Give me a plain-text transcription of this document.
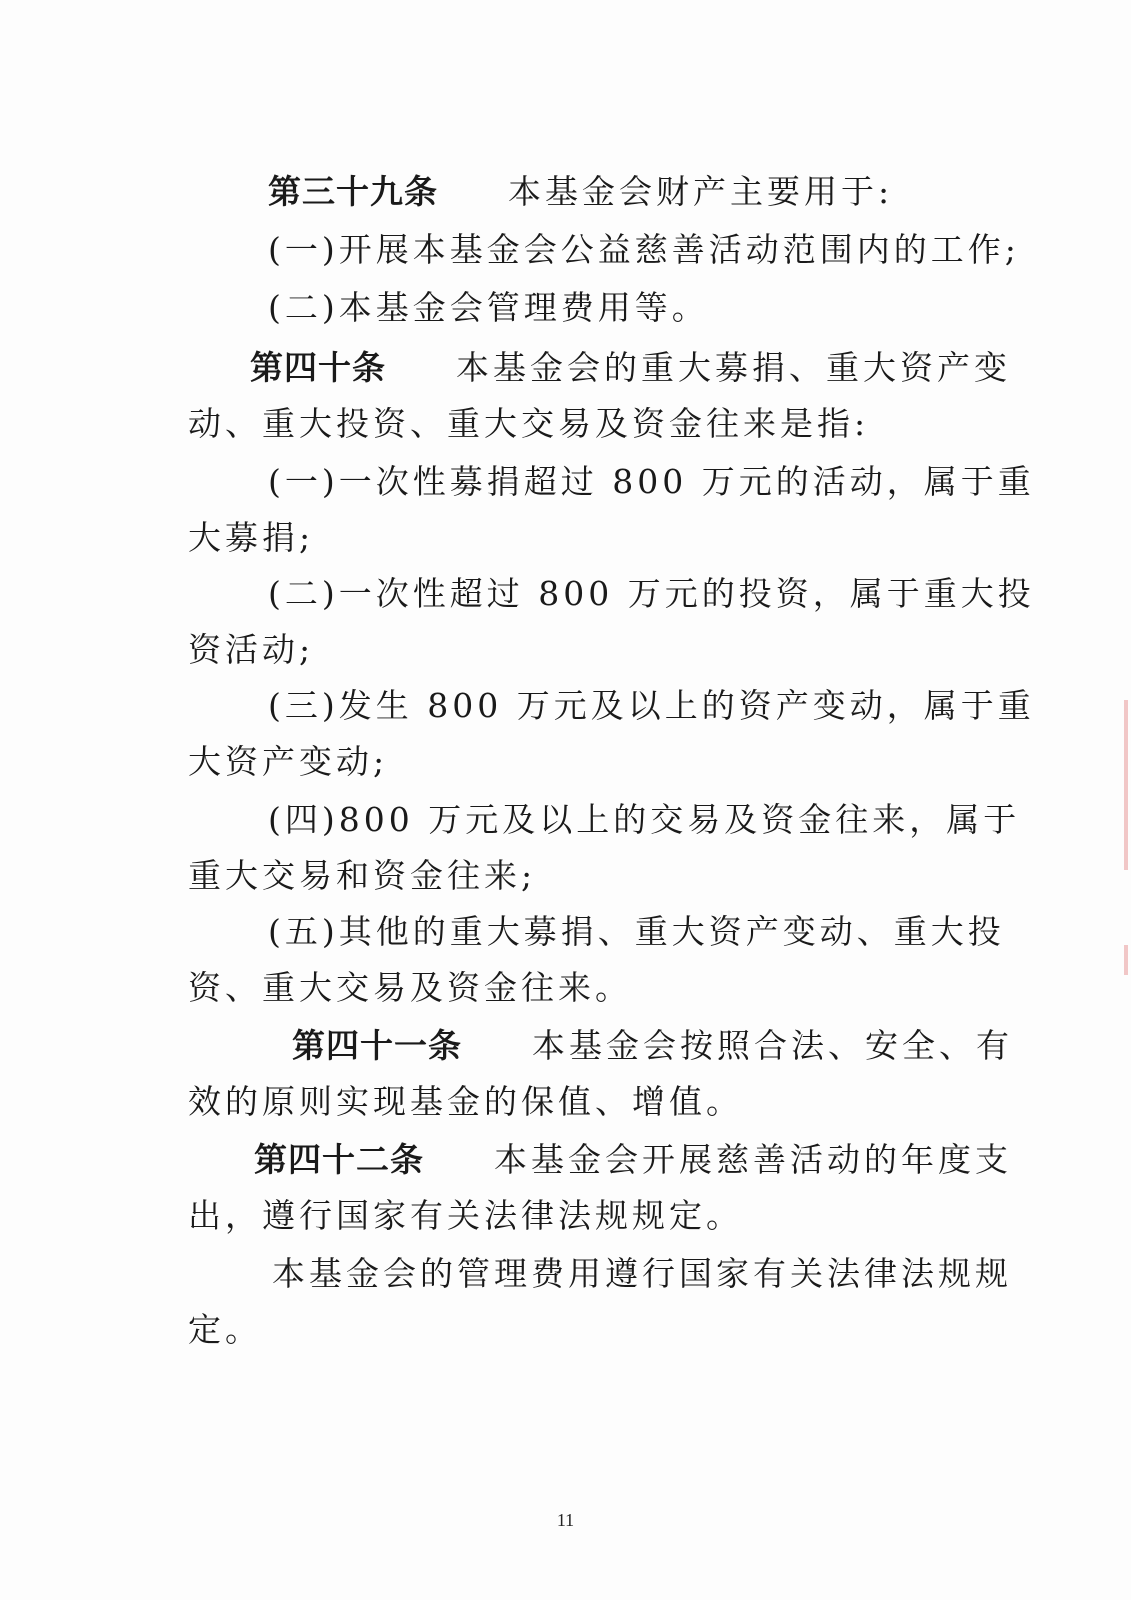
第三十九条 本基金会财产主要用于:
(一)开展本基金会公益慈善活动范围内的工作;
(二)本基金会管理费用等。
第四十条 本基金会的重大募捐、重大资产变
动、重大投资、重大交易及资金往来是指:
(一)一次性募捐超过 800 万元的活动，属于重
大募捐;
(二)一次性超过 800 万元的投资，属于重大投
资活动;
(三)发生 800 万元及以上的资产变动，属于重
大资产变动;
(四)800 万元及以上的交易及资金往来，属于
重大交易和资金往来;
(五)其他的重大募捐、重大资产变动、重大投
资、重大交易及资金往来。
第四十一条 本基金会按照合法、安全、有
效的原则实现基金的保值、增值。
第四十二条 本基金会开展慈善活动的年度支
出，遵行国家有关法律法规规定。
本基金会的管理费用遵行国家有关法律法规规
定。
11
